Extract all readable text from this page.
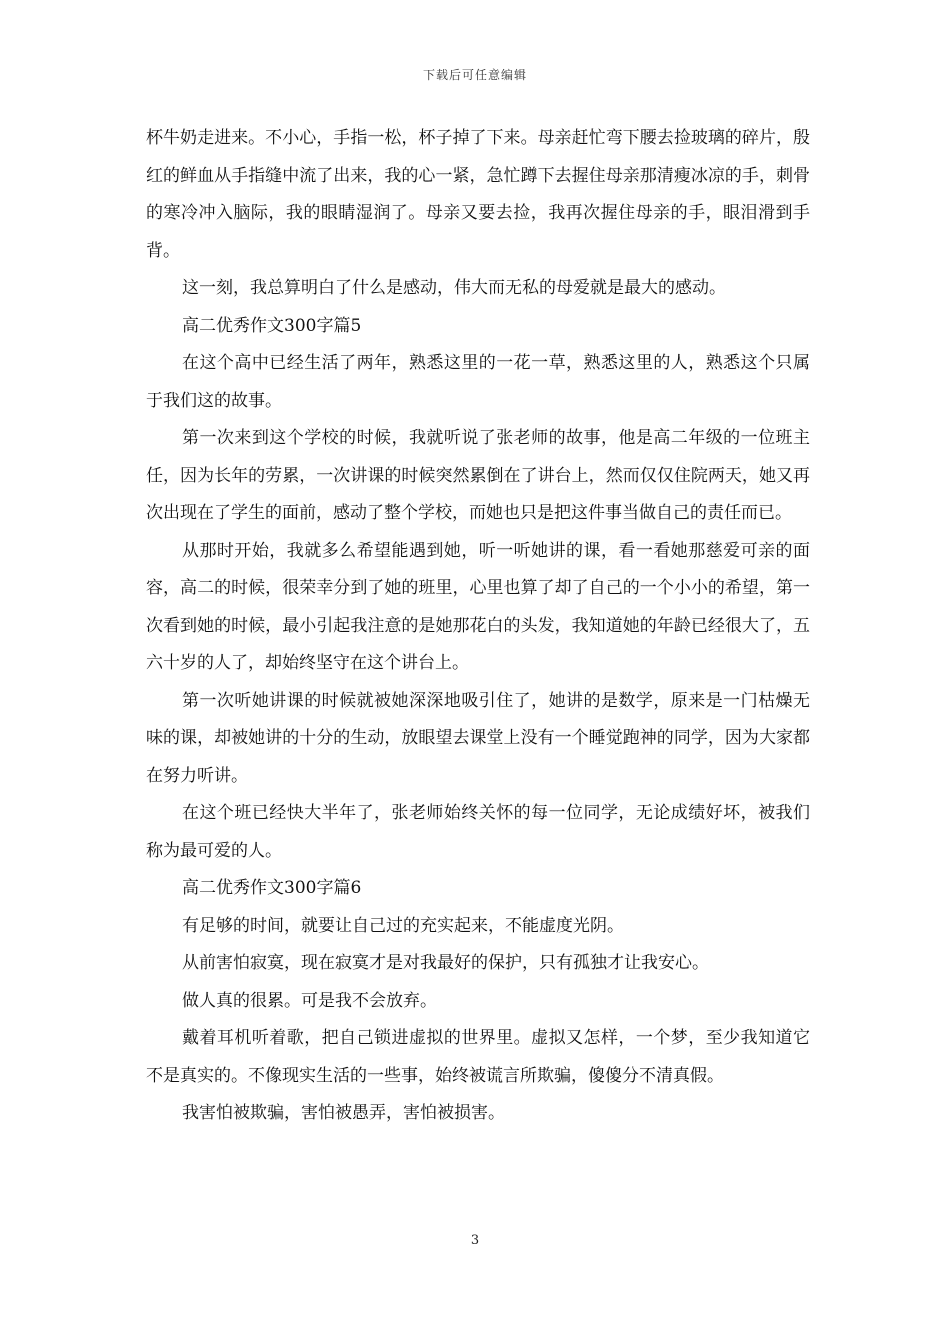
下载后可任意编辑

杯牛奶走进来。不小心，手指一松，杯子掉了下来。母亲赶忙弯下腰去捡玻璃的碎片，殷红的鲜血从手指缝中流了出来，我的心一紧，急忙蹲下去握住母亲那清瘦冰凉的手，刺骨的寒冷冲入脑际，我的眼睛湿润了。母亲又要去捡，我再次握住母亲的手，眼泪滑到手背。

这一刻，我总算明白了什么是感动，伟大而无私的母爱就是最大的感动。

高二优秀作文300字篇5

在这个高中已经生活了两年，熟悉这里的一花一草，熟悉这里的人，熟悉这个只属于我们这的故事。

第一次来到这个学校的时候，我就听说了张老师的故事，他是高二年级的一位班主任，因为长年的劳累，一次讲课的时候突然累倒在了讲台上，然而仅仅住院两天，她又再次出现在了学生的面前，感动了整个学校，而她也只是把这件事当做自己的责任而已。

从那时开始，我就多么希望能遇到她，听一听她讲的课，看一看她那慈爱可亲的面容，高二的时候，很荣幸分到了她的班里，心里也算了却了自己的一个小小的希望，第一次看到她的时候，最小引起我注意的是她那花白的头发，我知道她的年龄已经很大了，五六十岁的人了，却始终坚守在这个讲台上。

第一次听她讲课的时候就被她深深地吸引住了，她讲的是数学，原来是一门枯燥无味的课，却被她讲的十分的生动，放眼望去课堂上没有一个睡觉跑神的同学，因为大家都在努力听讲。

在这个班已经快大半年了，张老师始终关怀的每一位同学，无论成绩好坏，被我们称为最可爱的人。

高二优秀作文300字篇6

有足够的时间，就要让自己过的充实起来，不能虚度光阴。

从前害怕寂寞，现在寂寞才是对我最好的保护，只有孤独才让我安心。

做人真的很累。可是我不会放弃。

戴着耳机听着歌，把自己锁进虚拟的世界里。虚拟又怎样，一个梦，至少我知道它不是真实的。不像现实生活的一些事，始终被谎言所欺骗，傻傻分不清真假。

我害怕被欺骗，害怕被愚弄，害怕被损害。

3
